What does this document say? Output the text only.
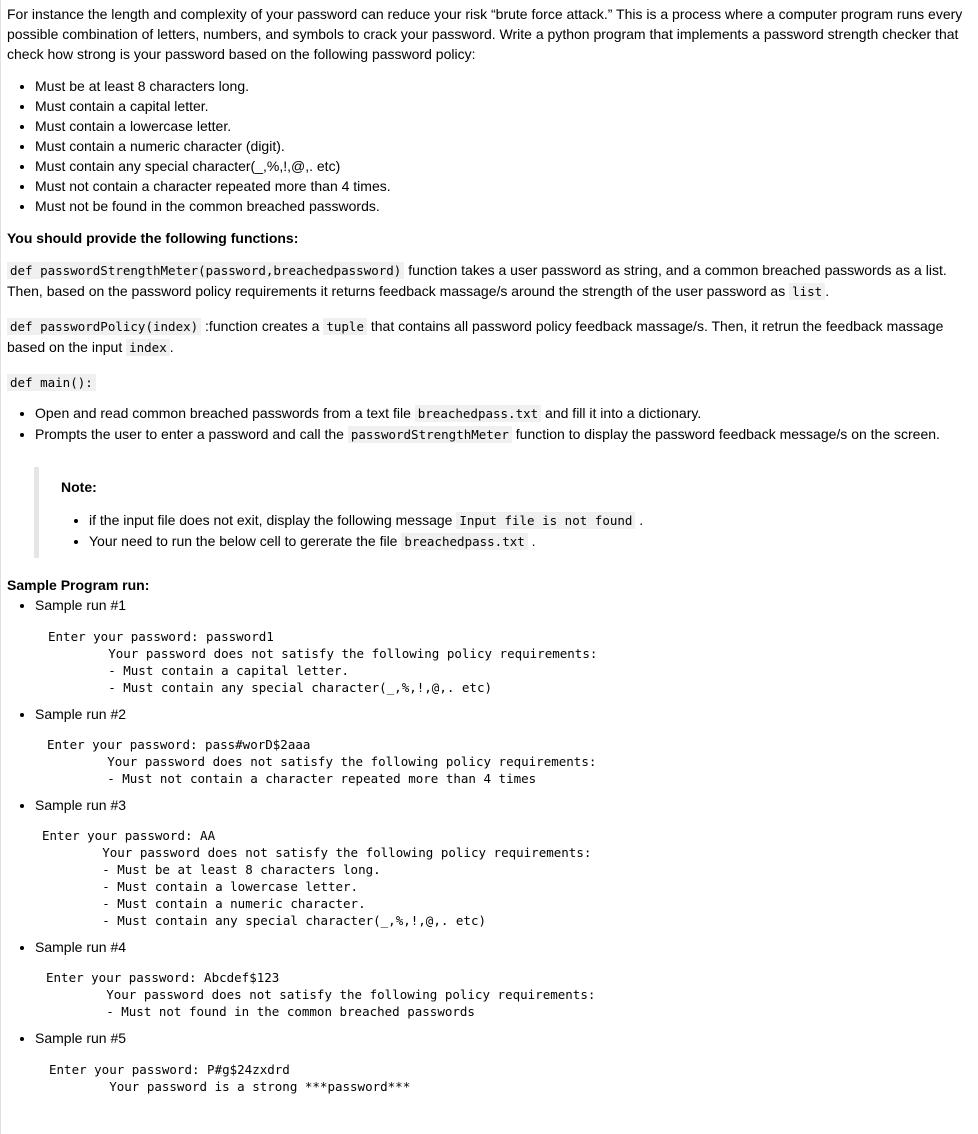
For instance the length and complexity of your password can reduce your risk “brute force attack.” This is a process where a computer program runs every possible combination of letters, numbers, and symbols to crack your password. Write a python program that implements a password strength checker that check how strong is your password based on the following password policy:

• Must be at least 8 characters long.
• Must contain a capital letter.
• Must contain a lowercase letter.
• Must contain a numeric character (digit).
• Must contain any special character(_,%,!,@,. etc)
• Must not contain a character repeated more than 4 times.
• Must not be found in the common breached passwords.

You should provide the following functions:

def passwordStrengthMeter(password,breachedpassword) function takes a user password as string, and a common breached passwords as a list. Then, based on the password policy requirements it returns feedback massage/s around the strength of the user password as list .

def passwordPolicy(index) :function creates a tuple that contains all password policy feedback massage/s. Then, it retrun the feedback massage based on the input index .

def main():

• Open and read common breached passwords from a text file breachedpass.txt and fill it into a dictionary.
• Prompts the user to enter a password and call the passwordStrengthMeter function to display the password feedback message/s on the screen.

Note:

• if the input file does not exit, display the following message Input file is not found .
• Your need to run the below cell to gererate the file breachedpass.txt .

Sample Program run:

• Sample run #1
Enter your password: password1
Your password does not satisfy the following policy requirements:
- Must contain a capital letter.
- Must contain any special character(_,%,!,@,. etc)
• Sample run #2
Enter your password: pass#worD$2aaa
Your password does not satisfy the following policy requirements:
- Must not contain a character repeated more than 4 times
• Sample run #3
Enter your password: AA
Your password does not satisfy the following policy requirements:
- Must be at least 8 characters long.
- Must contain a lowercase letter.
- Must contain a numeric character.
- Must contain any special character(_,%,!,@,. etc)
• Sample run #4
Enter your password: Abcdef$123
Your password does not satisfy the following policy requirements:
- Must not found in the common breached passwords
• Sample run #5
Enter your password: P#g$24zxdrd
Your password is a strong ***password***
